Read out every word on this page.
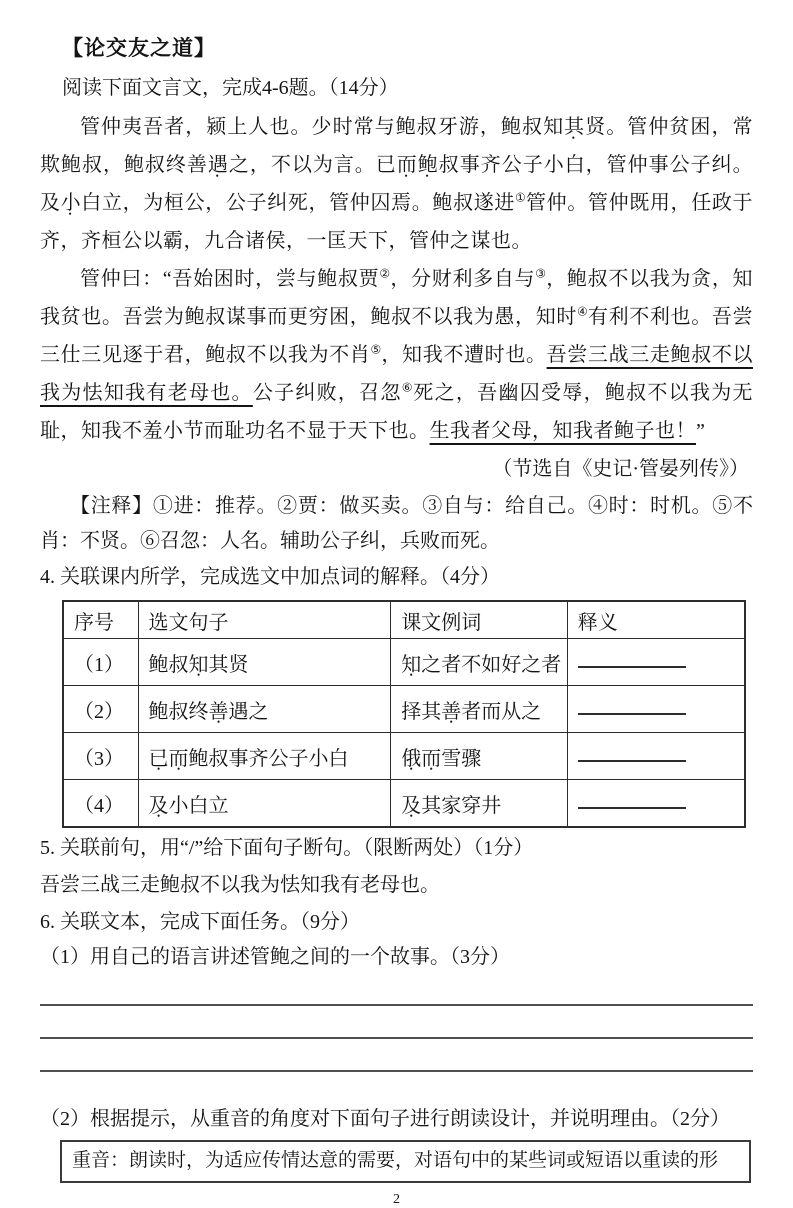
【论交友之道】
阅读下面文言文，完成4-6题。（14分）

管仲夷吾者，颍上人也。少时常与鲍叔牙游，鲍叔知其贤。管仲贫困，常欺鲍叔，鲍叔终善遇之，不以为言。已而鲍叔事齐公子小白，管仲事公子纠。及小白立，为桓公，公子纠死，管仲囚焉。鲍叔遂进①管仲。管仲既用，任政于齐，齐桓公以霸，九合诸侯，一匡天下，管仲之谋也。

管仲曰：“吾始困时，尝与鲍叔贾②，分财利多自与③，鲍叔不以我为贪，知我贫也。吾尝为鲍叔谋事而更穷困，鲍叔不以我为愚，知时④有利不利也。吾尝三仕三见逐于君，鲍叔不以我为不肖⑤，知我不遭时也。吾尝三战三走鲍叔不以我为怯知我有老母也。公子纠败，召忽⑥死之，吾幽囚受辱，鲍叔不以我为无耻，知我不羞小节而耻功名不显于天下也。生我者父母，知我者鲍子也！”

（节选自《史记·管晏列传》）
【注释】①进：推荐。②贾：做买卖。③自与：给自己。④时：时机。⑤不肖：不贤。⑥召忽：人名。辅助公子纠，兵败而死。
4. 关联课内所学，完成选文中加点词的解释。（4分）
序号	选文句子	课文例词	释义
（1）	鲍叔知其贤	知之者不如好之者	
（2）	鲍叔终善遇之	择其善者而从之	
（3）	已而鲍叔事齐公子小白	俄而雪骤	
（4）	及小白立	及其家穿井	
5. 关联前句，用“/”给下面句子断句。（限断两处）（1分）

吾尝三战三走鲍叔不以我为怯知我有老母也。

6. 关联文本，完成下面任务。（9分）
（1）用自己的语言讲述管鲍之间的一个故事。（3分）
（2）根据提示，从重音的角度对下面句子进行朗读设计，并说明理由。（2分）
重音：朗读时，为适应传情达意的需要，对语句中的某些词或短语以重读的形
2
